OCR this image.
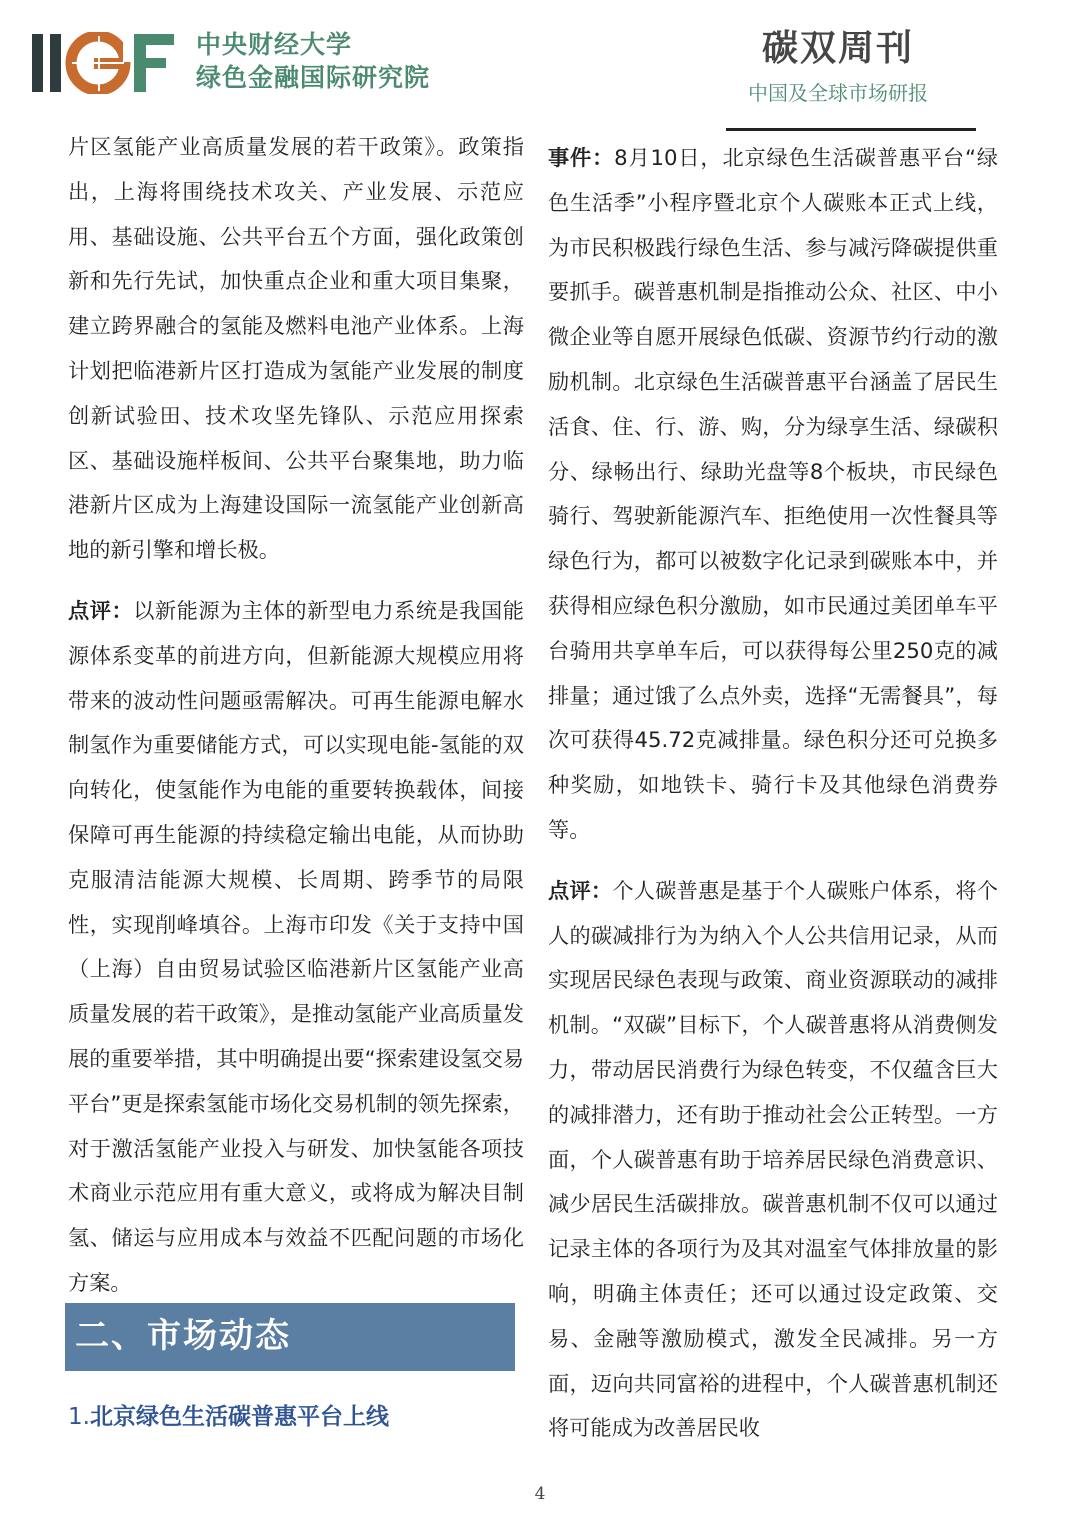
中央财经大学
绿色金融国际研究院
碳双周刊
中国及全球市场研报

片区氢能产业高质量发展的若干政策》。政策指出，上海将围绕技术攻关、产业发展、示范应用、基础设施、公共平台五个方面，强化政策创新和先行先试，加快重点企业和重大项目集聚，建立跨界融合的氢能及燃料电池产业体系。上海计划把临港新片区打造成为氢能产业发展的制度创新试验田、技术攻坚先锋队、示范应用探索区、基础设施样板间、公共平台聚集地，助力临港新片区成为上海建设国际一流氢能产业创新高地的新引擎和增长极。

点评：以新能源为主体的新型电力系统是我国能源体系变革的前进方向，但新能源大规模应用将带来的波动性问题亟需解决。可再生能源电解水制氢作为重要储能方式，可以实现电能-氢能的双向转化，使氢能作为电能的重要转换载体，间接保障可再生能源的持续稳定输出电能，从而协助克服清洁能源大规模、长周期、跨季节的局限性，实现削峰填谷。上海市印发《关于支持中国（上海）自由贸易试验区临港新片区氢能产业高质量发展的若干政策》，是推动氢能产业高质量发展的重要举措，其中明确提出要“探索建设氢交易平台”更是探索氢能市场化交易机制的领先探索，对于激活氢能产业投入与研发、加快氢能各项技术商业示范应用有重大意义，或将成为解决目制氢、储运与应用成本与效益不匹配问题的市场化方案。

二、市场动态
1.北京绿色生活碳普惠平台上线

事件：8月10日，北京绿色生活碳普惠平台“绿色生活季”小程序暨北京个人碳账本正式上线，为市民积极践行绿色生活、参与减污降碳提供重要抓手。碳普惠机制是指推动公众、社区、中小微企业等自愿开展绿色低碳、资源节约行动的激励机制。北京绿色生活碳普惠平台涵盖了居民生活食、住、行、游、购，分为绿享生活、绿碳积分、绿畅出行、绿助光盘等8个板块，市民绿色骑行、驾驶新能源汽车、拒绝使用一次性餐具等绿色行为，都可以被数字化记录到碳账本中，并获得相应绿色积分激励，如市民通过美团单车平台骑用共享单车后，可以获得每公里250克的减排量；通过饿了么点外卖，选择“无需餐具”，每次可获得45.72克减排量。绿色积分还可兑换多种奖励，如地铁卡、骑行卡及其他绿色消费券等。

点评：个人碳普惠是基于个人碳账户体系，将个人的碳减排行为为纳入个人公共信用记录，从而实现居民绿色表现与政策、商业资源联动的减排机制。“双碳”目标下，个人碳普惠将从消费侧发力，带动居民消费行为绿色转变，不仅蕴含巨大的减排潜力，还有助于推动社会公正转型。一方面，个人碳普惠有助于培养居民绿色消费意识、减少居民生活碳排放。碳普惠机制不仅可以通过记录主体的各项行为及其对温室气体排放量的影响，明确主体责任；还可以通过设定政策、交易、金融等激励模式，激发全民减排。另一方面，迈向共同富裕的进程中，个人碳普惠机制还将可能成为改善居民收

4
